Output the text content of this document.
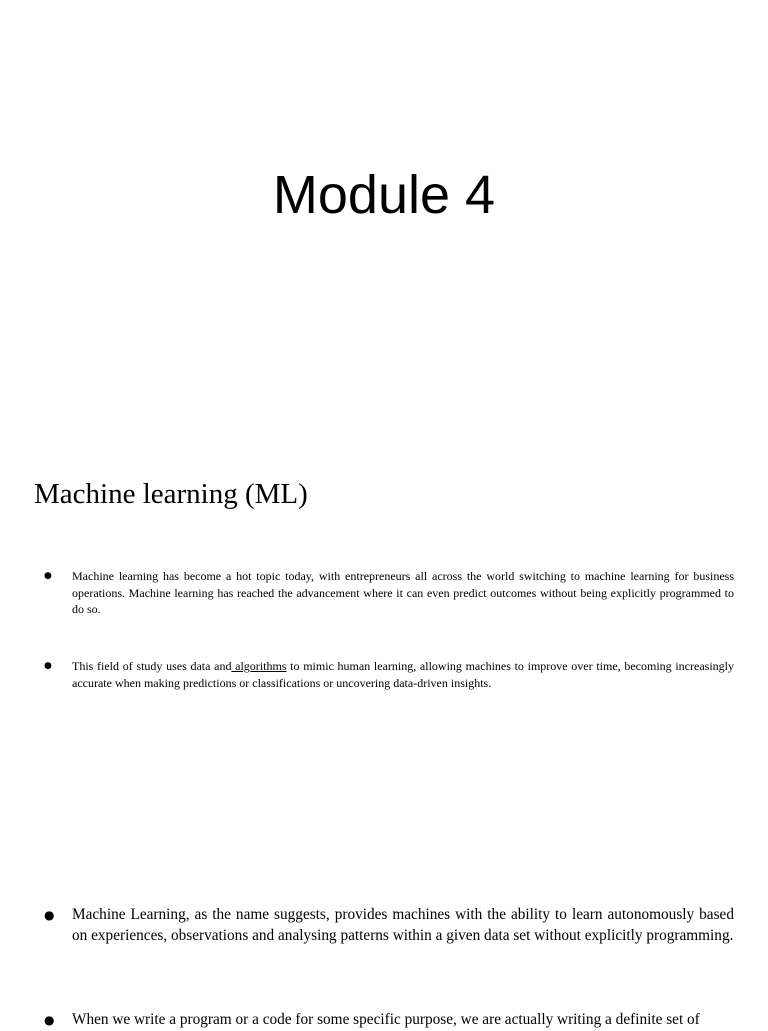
Module 4
Machine learning (ML)
● Machine learning has become a hot topic today, with entrepreneurs all across the world switching to machine learning for business operations. Machine learning has reached the advancement where it can even predict outcomes without being explicitly programmed to do so.
● This field of study uses data and algorithms to mimic human learning, allowing machines to improve over time, becoming increasingly accurate when making predictions or classifications or uncovering data-driven insights.
● Machine Learning, as the name suggests, provides machines with the ability to learn autonomously based on experiences, observations and analysing patterns within a given data set without explicitly programming.
● When we write a program or a code for some specific purpose, we are actually writing a definite set of
